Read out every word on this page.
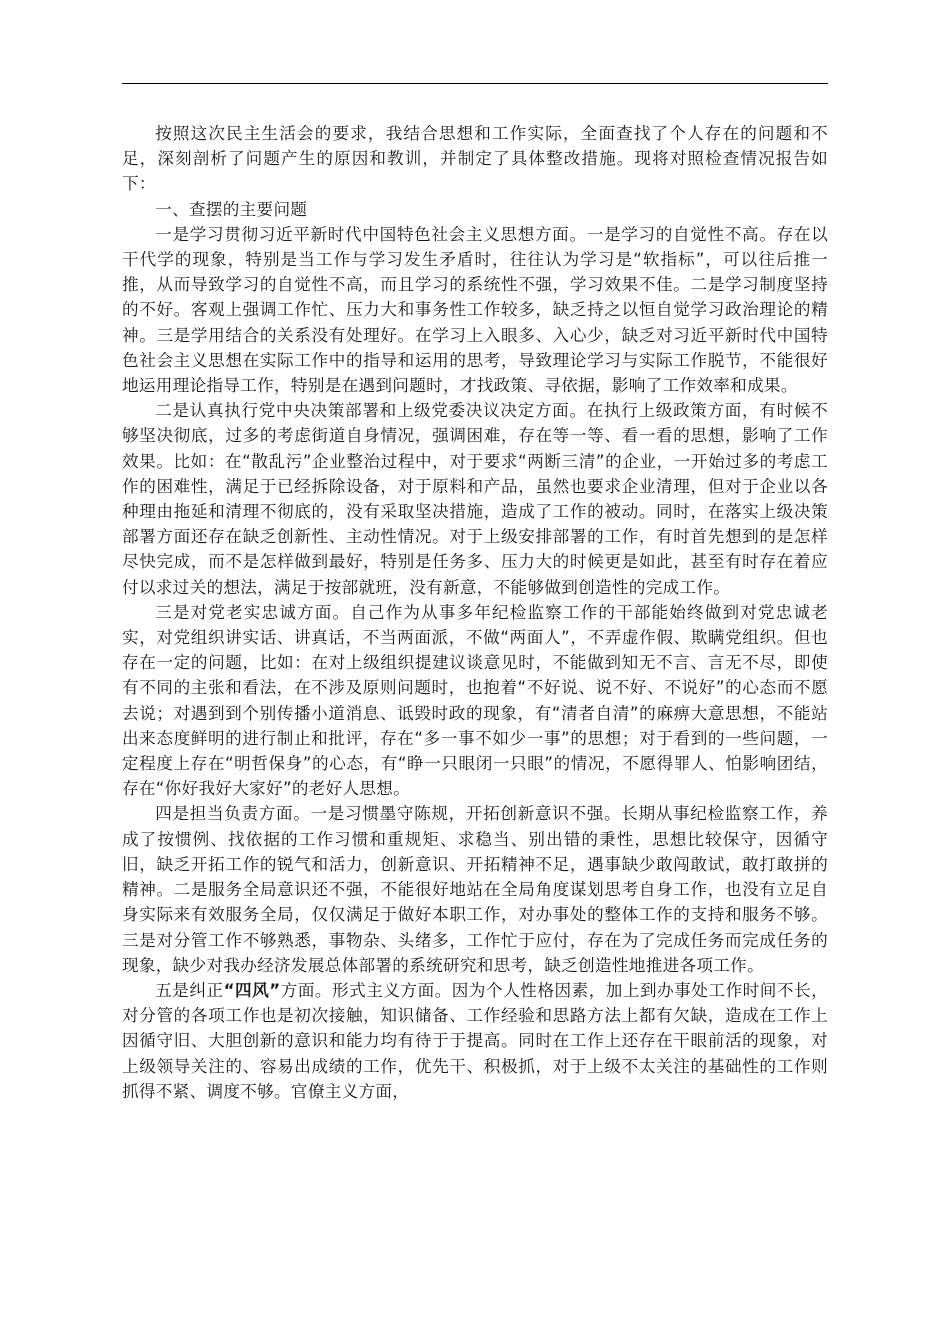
按照这次民主生活会的要求，我结合思想和工作实际，全面查找了个人存在的问题和不足，深刻剖析了问题产生的原因和教训，并制定了具体整改措施。现将对照检查情况报告如下：

一、查摆的主要问题

一是学习贯彻习近平新时代中国特色社会主义思想方面。一是学习的自觉性不高。存在以干代学的现象，特别是当工作与学习发生矛盾时，往往认为学习是“软指标”，可以往后推一推，从而导致学习的自觉性不高，而且学习的系统性不强，学习效果不佳。二是学习制度坚持的不好。客观上强调工作忙、压力大和事务性工作较多，缺乏持之以恒自觉学习政治理论的精神。三是学用结合的关系没有处理好。在学习上入眼多、入心少，缺乏对习近平新时代中国特色社会主义思想在实际工作中的指导和运用的思考，导致理论学习与实际工作脱节，不能很好地运用理论指导工作，特别是在遇到问题时，才找政策、寻依据，影响了工作效率和成果。

二是认真执行党中央决策部署和上级党委决议决定方面。在执行上级政策方面，有时候不够坚决彻底，过多的考虑街道自身情况，强调困难，存在等一等、看一看的思想，影响了工作效果。比如：在“散乱污”企业整治过程中，对于要求“两断三清”的企业，一开始过多的考虑工作的困难性，满足于已经拆除设备，对于原料和产品，虽然也要求企业清理，但对于企业以各种理由拖延和清理不彻底的，没有采取坚决措施，造成了工作的被动。同时，在落实上级决策部署方面还存在缺乏创新性、主动性情况。对于上级安排部署的工作，有时首先想到的是怎样尽快完成，而不是怎样做到最好，特别是任务多、压力大的时候更是如此，甚至有时存在着应付以求过关的想法，满足于按部就班，没有新意，不能够做到创造性的完成工作。

三是对党老实忠诚方面。自己作为从事多年纪检监察工作的干部能始终做到对党忠诚老实，对党组织讲实话、讲真话，不当两面派，不做“两面人”，不弄虚作假、欺瞒党组织。但也存在一定的问题，比如：在对上级组织提建议谈意见时，不能做到知无不言、言无不尽，即使有不同的主张和看法，在不涉及原则问题时，也抱着“不好说、说不好、不说好”的心态而不愿去说；对遇到到个别传播小道消息、诋毁时政的现象，有“清者自清”的麻痹大意思想，不能站出来态度鲜明的进行制止和批评，存在“多一事不如少一事”的思想；对于看到的一些问题，一定程度上存在“明哲保身”的心态，有“睁一只眼闭一只眼”的情况，不愿得罪人、怕影响团结，存在“你好我好大家好”的老好人思想。

四是担当负责方面。一是习惯墨守陈规，开拓创新意识不强。长期从事纪检监察工作，养成了按惯例、找依据的工作习惯和重规矩、求稳当、别出错的秉性，思想比较保守，因循守旧，缺乏开拓工作的锐气和活力，创新意识、开拓精神不足，遇事缺少敢闯敢试，敢打敢拼的精神。二是服务全局意识还不强，不能很好地站在全局角度谋划思考自身工作，也没有立足自身实际来有效服务全局，仅仅满足于做好本职工作，对办事处的整体工作的支持和服务不够。三是对分管工作不够熟悉，事物杂、头绪多，工作忙于应付，存在为了完成任务而完成任务的现象，缺少对我办经济发展总体部署的系统研究和思考，缺乏创造性地推进各项工作。

五是纠正“四风”方面。形式主义方面。因为个人性格因素，加上到办事处工作时间不长，对分管的各项工作也是初次接触，知识储备、工作经验和思路方法上都有欠缺，造成在工作上因循守旧、大胆创新的意识和能力均有待于于提高。同时在工作上还存在干眼前活的现象，对上级领导关注的、容易出成绩的工作，优先干、积极抓，对于上级不太关注的基础性的工作则抓得不紧、调度不够。官僚主义方面，
